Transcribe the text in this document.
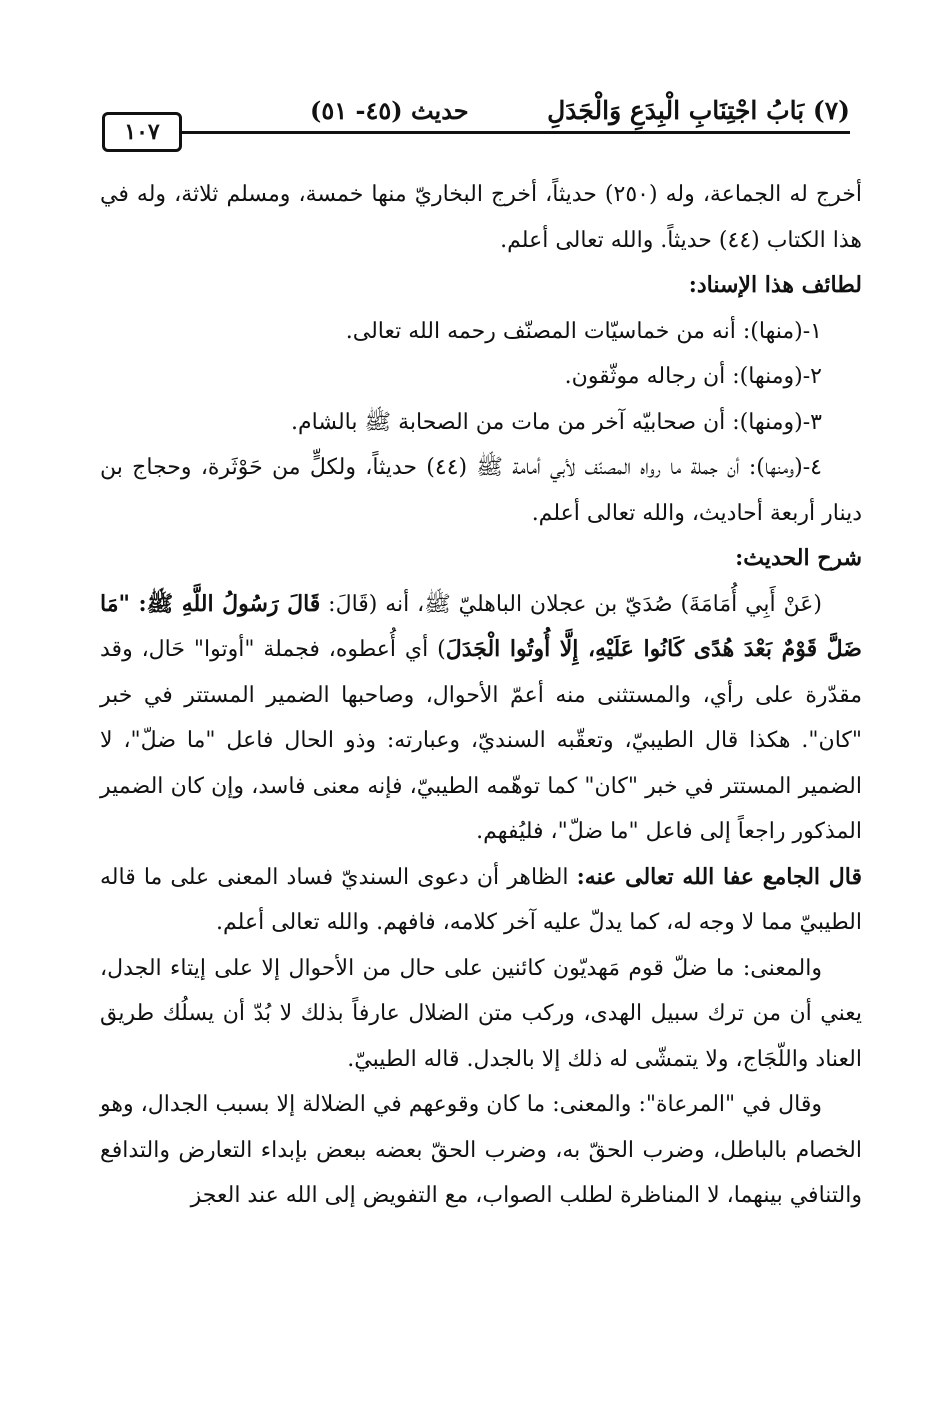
(٧) بَابُ اجْتِنَابِ الْبِدَعِ وَالْجَدَلِ
حديث (٤٥- ٥١)
١٠٧

أخرج له الجماعة، وله (٢٥٠) حديثاً، أخرج البخاريّ منها خمسة، ومسلم ثلاثة، وله في هذا الكتاب (٤٤) حديثاً. والله تعالى أعلم.

لطائف هذا الإسناد:

١-(منها): أنه من خماسيّات المصنّف رحمه الله تعالى.

٢-(ومنها): أن رجاله موثّقون.

٣-(ومنها): أن صحابيّه آخر من مات من الصحابة ﷺ بالشام.

٤-(ومنها): أن جملة ما رواه المصنّف لأبي أمامة ﷺ (٤٤) حديثاً، ولكلٍّ من حَوْثَرة، وحجاج بن دينار أربعة أحاديث، والله تعالى أعلم.

شرح الحديث:

(عَنْ أَبِي أُمَامَةَ) صُدَيّ بن عجلان الباهليّ ﷺ، أنه (قَالَ: قَالَ رَسُولُ اللَّهِ ﷺ: "مَا ضَلَّ قَوْمٌ بَعْدَ هُدًى كَانُوا عَلَيْهِ، إِلَّا أُوتُوا الْجَدَلَ) أي أُعطوه، فجملة "أوتوا" حَال، وقد مقدّرة على رأي، والمستثنى منه أعمّ الأحوال، وصاحبها الضمير المستتر في خبر "كان". هكذا قال الطيبيّ، وتعقّبه السنديّ، وعبارته: وذو الحال فاعل "ما ضلّ"، لا الضمير المستتر في خبر "كان" كما توهّمه الطيبيّ، فإنه معنى فاسد، وإن كان الضمير المذكور راجعاً إلى فاعل "ما ضلّ"، فليُفهم.

قال الجامع عفا الله تعالى عنه: الظاهر أن دعوى السنديّ فساد المعنى على ما قاله الطيبيّ مما لا وجه له، كما يدلّ عليه آخر كلامه، فافهم. والله تعالى أعلم.

والمعنى: ما ضلّ قوم مَهديّون كائنين على حال من الأحوال إلا على إيتاء الجدل، يعني أن من ترك سبيل الهدى، وركب متن الضلال عارفاً بذلك لا بُدّ أن يسلُك طريق العناد واللّجَاج، ولا يتمشّى له ذلك إلا بالجدل. قاله الطيبيّ.

وقال في "المرعاة": والمعنى: ما كان وقوعهم في الضلالة إلا بسبب الجدال، وهو الخصام بالباطل، وضرب الحقّ به، وضرب الحقّ بعضه ببعض بإبداء التعارض والتدافع والتنافي بينهما، لا المناظرة لطلب الصواب، مع التفويض إلى الله عند العجز
